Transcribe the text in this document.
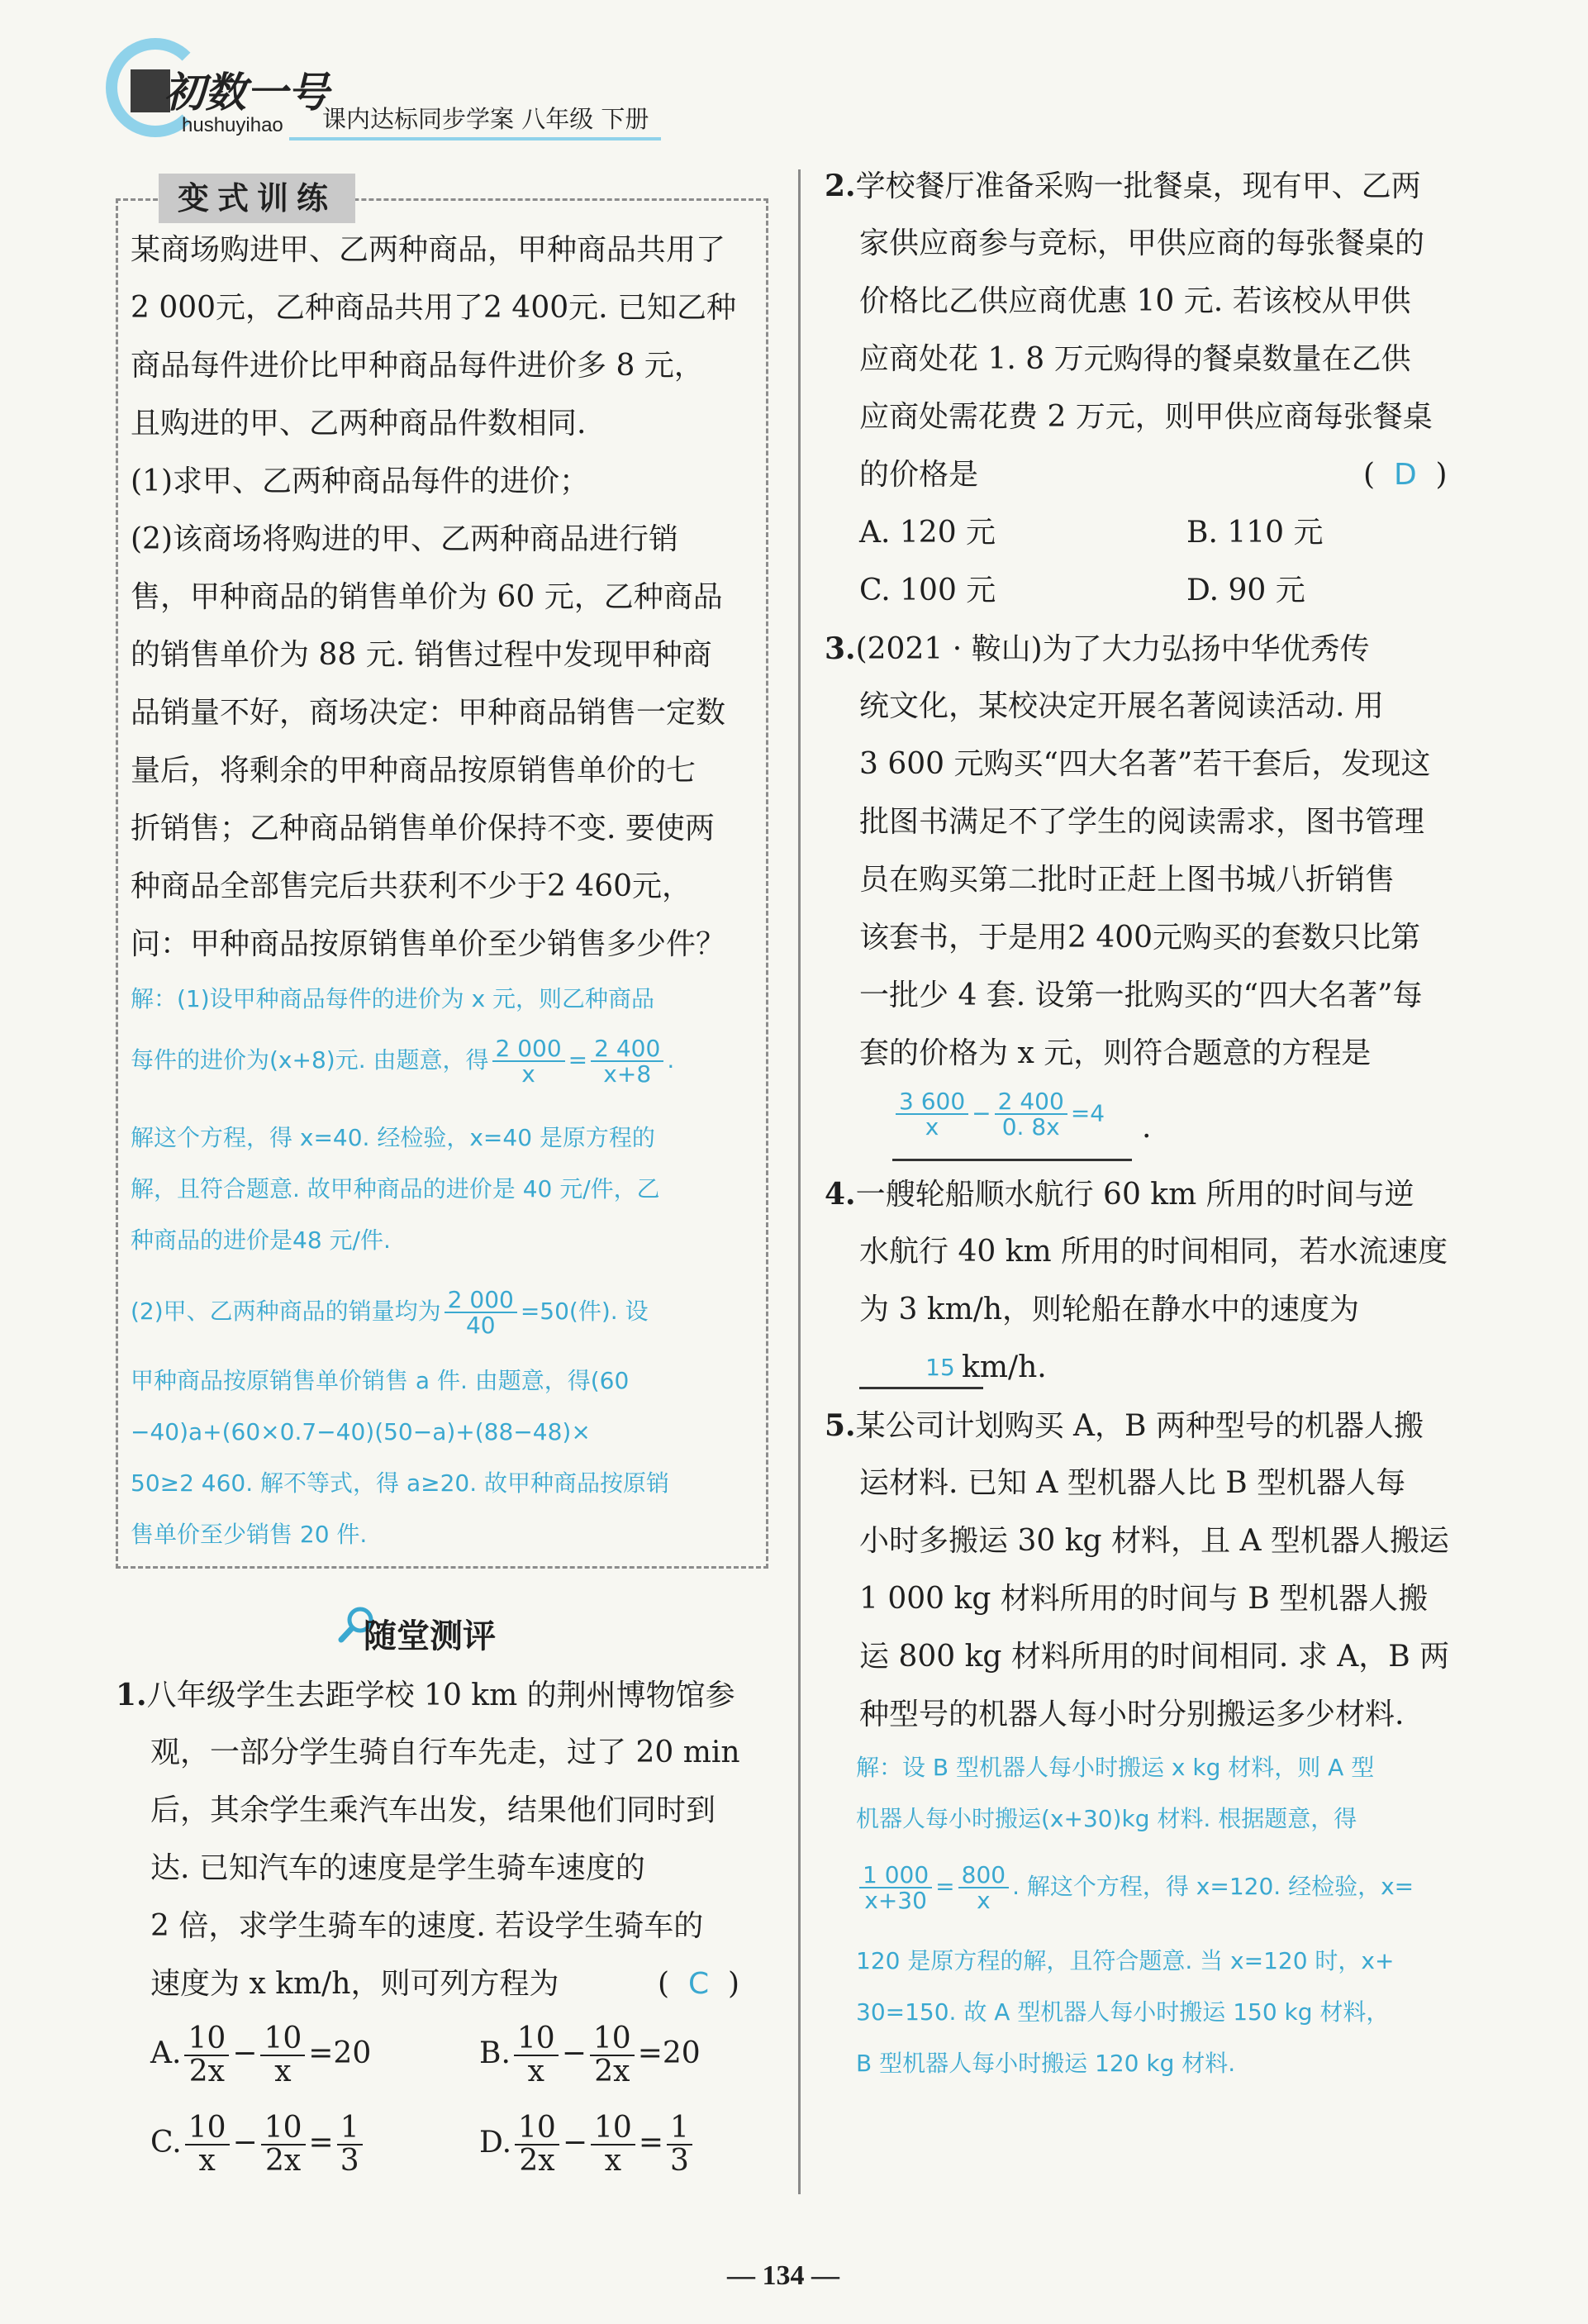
初数一号
hushuyihao 课内达标同步学案 八年级 下册
变式训练
某商场购进甲、乙两种商品，甲种商品共用了
2 000元，乙种商品共用了2 400元. 已知乙种
商品每件进价比甲种商品每件进价多 8 元，
且购进的甲、乙两种商品件数相同.
(1)求甲、乙两种商品每件的进价；
(2)该商场将购进的甲、乙两种商品进行销
售，甲种商品的销售单价为 60 元，乙种商品
的销售单价为 88 元. 销售过程中发现甲种商
品销量不好，商场决定：甲种商品销售一定数
量后，将剩余的甲种商品按原销售单价的七
折销售；乙种商品销售单价保持不变. 要使两
种商品全部售完后共获利不少于2 460元，
问：甲种商品按原销售单价至少销售多少件？
解：(1)设甲种商品每件的进价为 x 元，则乙种商品
每件的进价为(x+8)元. 由题意，得 $\frac{2 000}{x} = \frac{2 400}{x+8}$ .
解这个方程，得 x=40. 经检验，x=40 是原方程的
解，且符合题意. 故甲种商品的进价是 40 元/件，乙
种商品的进价是48 元/件.
(2)甲、乙两种商品的销量均为 $\frac{2 000}{40} =50$(件). 设
甲种商品按原销售单价销售 a 件. 由题意，得(60
−40)a+(60×0.7−40)(50−a)+(88−48)×
50≥2 460. 解不等式，得 a≥20. 故甲种商品按原销
售单价至少销售 20 件.
随堂测评
1.八年级学生去距学校 10 km 的荆州博物馆参
观，一部分学生骑自行车先走，过了 20 min
后，其余学生乘汽车出发，结果他们同时到
达. 已知汽车的速度是学生骑车速度的
2 倍，求学生骑车的速度. 若设学生骑车的
速度为 x km/h，则可列方程为	(  C  )
A. $\frac{10}{2x} - \frac{10}{x} =20$	B. $\frac{10}{x} - \frac{10}{2x} =20$
C. $\frac{10}{x} - \frac{10}{2x} = \frac{1}{3}$	D. $\frac{10}{2x} - \frac{10}{x} = \frac{1}{3}$
2.学校餐厅准备采购一批餐桌，现有甲、乙两
家供应商参与竞标，甲供应商的每张餐桌的
价格比乙供应商优惠 10 元. 若该校从甲供
应商处花 1. 8 万元购得的餐桌数量在乙供
应商处需花费 2 万元，则甲供应商每张餐桌
的价格是	(  D  )
A. 120 元	B. 110 元
C. 100 元	D. 90 元
3.(2021 · 鞍山)为了大力弘扬中华优秀传
统文化，某校决定开展名著阅读活动. 用
3 600 元购买“四大名著”若干套后，发现这
批图书满足不了学生的阅读需求，图书管理
员在购买第二批时正赶上图书城八折销售
该套书，于是用2 400元购买的套数只比第
一批少 4 套. 设第一批购买的“四大名著”每
套的价格为 x 元，则符合题意的方程是
$\frac{3 600}{x} - \frac{2 400}{0. 8x} =4$ .
4.一艘轮船顺水航行 60 km 所用的时间与逆
水航行 40 km 所用的时间相同，若水流速度
为 3 km/h，则轮船在静水中的速度为
15 km/h.
5.某公司计划购买 A，B 两种型号的机器人搬
运材料. 已知 A 型机器人比 B 型机器人每
小时多搬运 30 kg 材料，且 A 型机器人搬运
1 000 kg 材料所用的时间与 B 型机器人搬
运 800 kg 材料所用的时间相同. 求 A，B 两
种型号的机器人每小时分别搬运多少材料.
解：设 B 型机器人每小时搬运 x kg 材料，则 A 型
机器人每小时搬运(x+30)kg 材料. 根据题意，得
$\frac{1 000}{x+30} = \frac{800}{x}$ . 解这个方程，得 x=120. 经检验，x=
120 是原方程的解，且符合题意. 当 x=120 时，x+
30=150. 故 A 型机器人每小时搬运 150 kg 材料，
B 型机器人每小时搬运 120 kg 材料.
— 134 —
